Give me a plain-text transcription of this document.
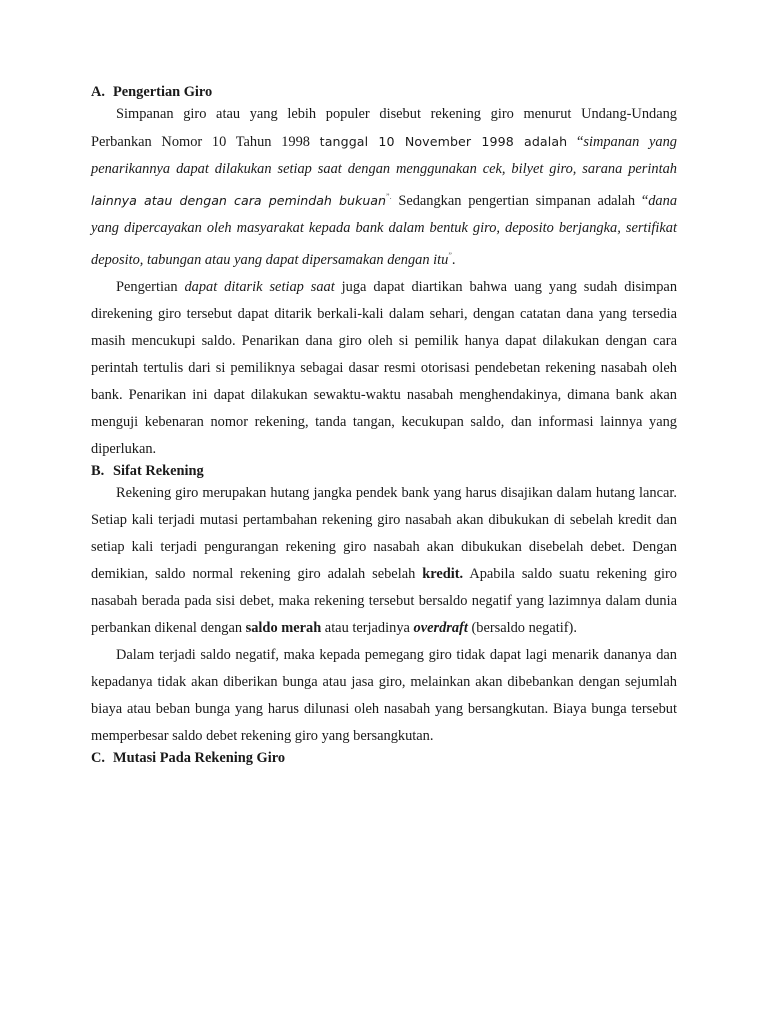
A. Pengertian Giro

Simpanan giro atau yang lebih populer disebut rekening giro menurut Undang-Undang Perbankan Nomor 10 Tahun 1998 tanggal 10 November 1998 adalah “simpanan yang penarikannya dapat dilakukan setiap saat dengan menggunakan cek, bilyet giro, sarana perintah lainnya atau dengan cara pemindah bukuan”. Sedangkan pengertian simpanan adalah “dana yang dipercayakan oleh masyarakat kepada bank dalam bentuk giro, deposito berjangka, sertifikat deposito, tabungan atau yang dapat dipersamakan dengan itu”.

Pengertian dapat ditarik setiap saat juga dapat diartikan bahwa uang yang sudah disimpan direkening giro tersebut dapat ditarik berkali-kali dalam sehari, dengan catatan dana yang tersedia masih mencukupi saldo. Penarikan dana giro oleh si pemilik hanya dapat dilakukan dengan cara perintah tertulis dari si pemiliknya sebagai dasar resmi otorisasi pendebetan rekening nasabah oleh bank. Penarikan ini dapat dilakukan sewaktu-waktu nasabah menghendakinya, dimana bank akan menguji kebenaran nomor rekening, tanda tangan, kecukupan saldo, dan informasi lainnya yang diperlukan.

B. Sifat Rekening

Rekening giro merupakan hutang jangka pendek bank yang harus disajikan dalam hutang lancar. Setiap kali terjadi mutasi pertambahan rekening giro nasabah akan dibukukan di sebelah kredit dan setiap kali terjadi pengurangan rekening giro nasabah akan dibukukan disebelah debet. Dengan demikian, saldo normal rekening giro adalah sebelah kredit. Apabila saldo suatu rekening giro nasabah berada pada sisi debet, maka rekening tersebut bersaldo negatif yang lazimnya dalam dunia perbankan dikenal dengan saldo merah atau terjadinya overdraft (bersaldo negatif).

Dalam terjadi saldo negatif, maka kepada pemegang giro tidak dapat lagi menarik dananya dan kepadanya tidak akan diberikan bunga atau jasa giro, melainkan akan dibebankan dengan sejumlah biaya atau beban bunga yang harus dilunasi oleh nasabah yang bersangkutan. Biaya bunga tersebut memperbesar saldo debet rekening giro yang bersangkutan.

C. Mutasi Pada Rekening Giro
